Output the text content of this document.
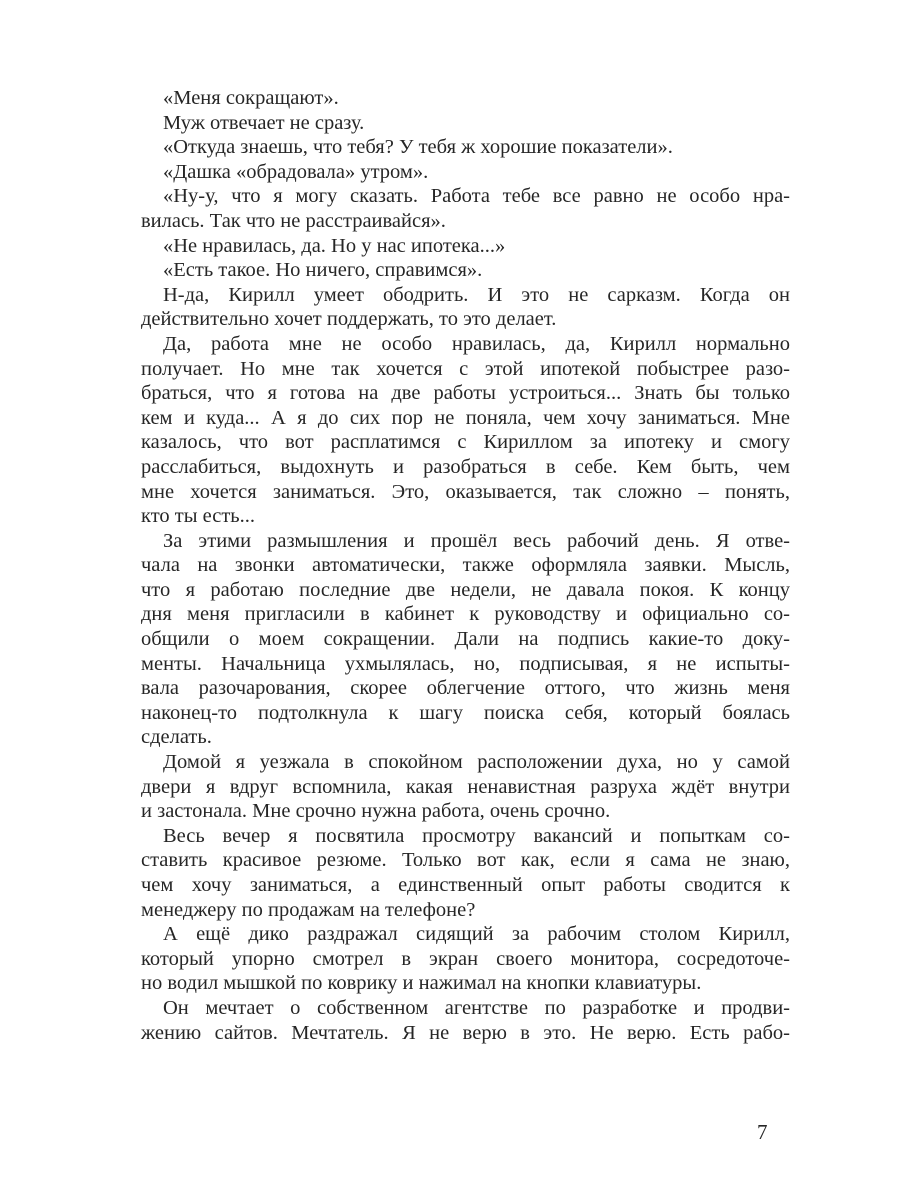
«Меня сокращают».
Муж отвечает не сразу.
«Откуда знаешь, что тебя? У тебя ж хорошие показатели».
«Дашка «обрадовала» утром».
«Ну-у, что я могу сказать. Работа тебе все равно не особо нра-
вилась. Так что не расстраивайся».
«Не нравилась, да. Но у нас ипотека...»
«Есть такое. Но ничего, справимся».
Н-да, Кирилл умеет ободрить. И это не сарказм. Когда он
действительно хочет поддержать, то это делает.
Да, работа мне не особо нравилась, да, Кирилл нормально
получает. Но мне так хочется с этой ипотекой побыстрее разо-
браться, что я готова на две работы устроиться... Знать бы только
кем и куда... А я до сих пор не поняла, чем хочу заниматься. Мне
казалось, что вот расплатимся с Кириллом за ипотеку и смогу
расслабиться, выдохнуть и разобраться в себе. Кем быть, чем
мне хочется заниматься. Это, оказывается, так сложно – понять,
кто ты есть...
За этими размышления и прошёл весь рабочий день. Я отве-
чала на звонки автоматически, также оформляла заявки. Мысль,
что я работаю последние две недели, не давала покоя. К концу
дня меня пригласили в кабинет к руководству и официально со-
общили о моем сокращении. Дали на подпись какие-то доку-
менты. Начальница ухмылялась, но, подписывая, я не испыты-
вала разочарования, скорее облегчение оттого, что жизнь меня
наконец-то подтолкнула к шагу поиска себя, который боялась
сделать.
Домой я уезжала в спокойном расположении духа, но у самой
двери я вдруг вспомнила, какая ненавистная разруха ждёт внутри
и застонала. Мне срочно нужна работа, очень срочно.
Весь вечер я посвятила просмотру вакансий и попыткам со-
ставить красивое резюме. Только вот как, если я сама не знаю,
чем хочу заниматься, а единственный опыт работы сводится к
менеджеру по продажам на телефоне?
А ещё дико раздражал сидящий за рабочим столом Кирилл,
который упорно смотрел в экран своего монитора, сосредоточе-
но водил мышкой по коврику и нажимал на кнопки клавиатуры.
Он мечтает о собственном агентстве по разработке и продви-
жению сайтов. Мечтатель. Я не верю в это. Не верю. Есть рабо-
7
